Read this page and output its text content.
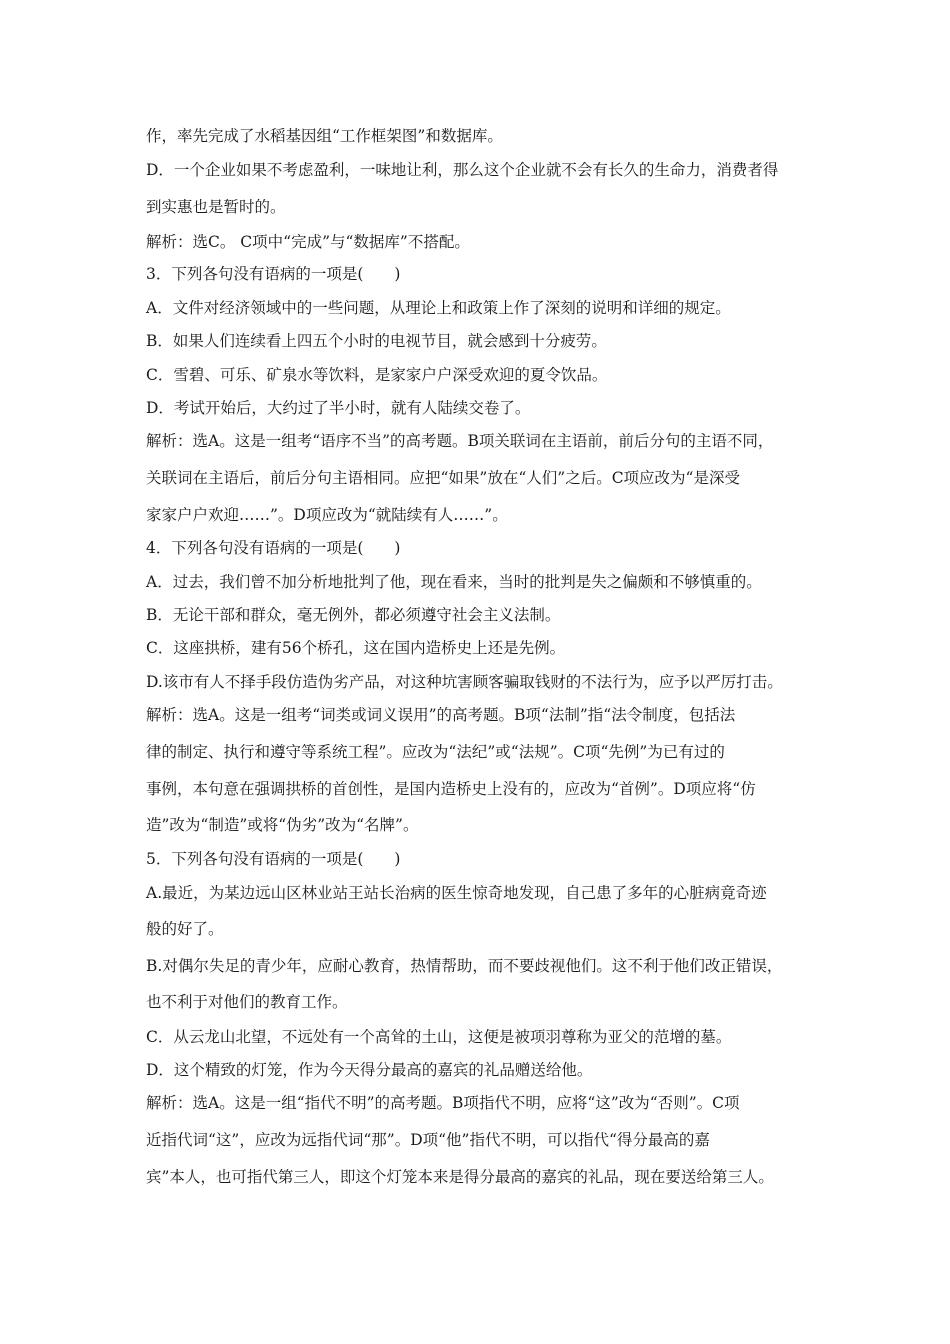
作，率先完成了水稻基因组“工作框架图”和数据库。
D．一个企业如果不考虑盈利，一味地让利，那么这个企业就不会有长久的生命力，消费者得
到实惠也是暂时的。
解析：选C。 C项中“完成”与“数据库”不搭配。
3．下列各句没有语病的一项是(　　)
A．文件对经济领域中的一些问题，从理论上和政策上作了深刻的说明和详细的规定。
B．如果人们连续看上四五个小时的电视节目，就会感到十分疲劳。
C．雪碧、可乐、矿泉水等饮料，是家家户户深受欢迎的夏令饮品。
D．考试开始后，大约过了半小时，就有人陆续交卷了。
解析：选A。这是一组考“语序不当”的高考题。B项关联词在主语前，前后分句的主语不同，
关联词在主语后，前后分句主语相同。应把“如果”放在“人们”之后。C项应改为“是深受
家家户户欢迎……”。D项应改为“就陆续有人……”。
4．下列各句没有语病的一项是(　　)
A．过去，我们曾不加分析地批判了他，现在看来，当时的批判是失之偏颇和不够慎重的。
B．无论干部和群众，毫无例外，都必须遵守社会主义法制。
C．这座拱桥，建有56个桥孔，这在国内造桥史上还是先例。
D.该市有人不择手段仿造伪劣产品，对这种坑害顾客骗取钱财的不法行为，应予以严厉打击。
解析：选A。这是一组考“词类或词义误用”的高考题。B项“法制”指“法令制度，包括法
律的制定、执行和遵守等系统工程”。应改为“法纪”或“法规”。C项“先例”为已有过的
事例，本句意在强调拱桥的首创性，是国内造桥史上没有的，应改为“首例”。D项应将“仿
造”改为“制造”或将“伪劣”改为“名牌”。
5．下列各句没有语病的一项是(　　)
A.最近，为某边远山区林业站王站长治病的医生惊奇地发现，自己患了多年的心脏病竟奇迹
般的好了。
B.对偶尔失足的青少年，应耐心教育，热情帮助，而不要歧视他们。这不利于他们改正错误，
也不利于对他们的教育工作。
C．从云龙山北望，不远处有一个高耸的土山，这便是被项羽尊称为亚父的范增的墓。
D．这个精致的灯笼，作为今天得分最高的嘉宾的礼品赠送给他。
解析：选A。这是一组“指代不明”的高考题。B项指代不明，应将“这”改为“否则”。C项
近指代词“这”，应改为远指代词“那”。D项“他”指代不明，可以指代“得分最高的嘉
宾”本人，也可指代第三人，即这个灯笼本来是得分最高的嘉宾的礼品，现在要送给第三人。
